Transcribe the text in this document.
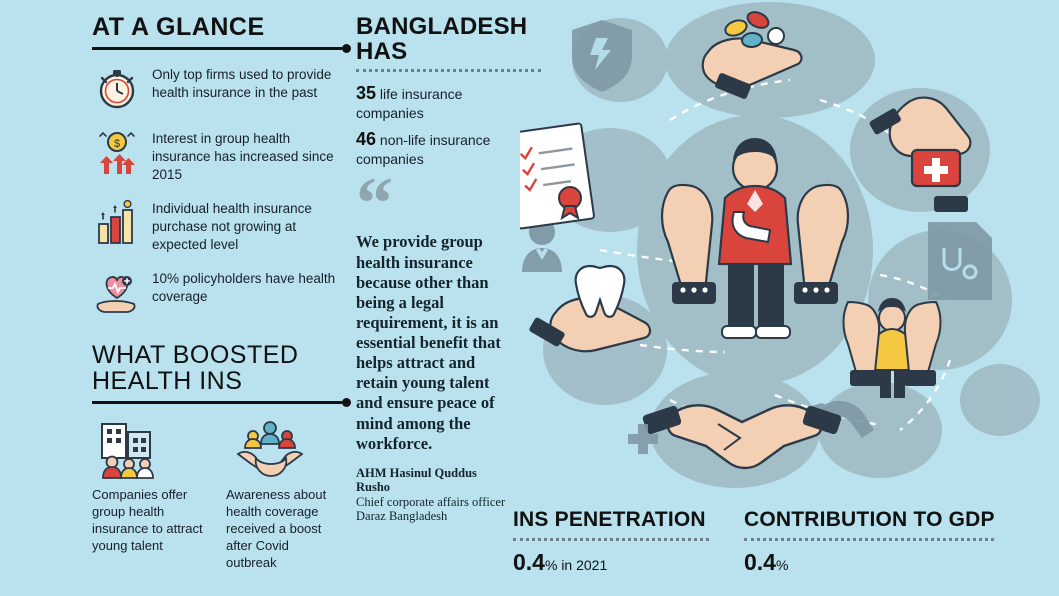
AT A GLANCE
Only top firms used to provide health insurance in the past
$ Interest in group health insurance has increased since 2015
Individual health insurance purchase not growing at expected level
10% policyholders have health coverage
WHAT BOOSTED HEALTH INS
Companies offer group health insurance to attract young talent
Awareness about health coverage received a boost after Covid outbreak
BANGLADESH HAS
35 life insurance companies
46 non-life insurance companies
“
We provide group health insurance because other than being a legal requirement, it is an essential benefit that helps attract and retain young talent and ensure peace of mind among the workforce.
AHM Hasinul Quddus Rusho
Chief corporate affairs officer
Daraz Bangladesh	INS PENETRATION
0.4% in 2021
CONTRIBUTION TO GDP
0.4%
